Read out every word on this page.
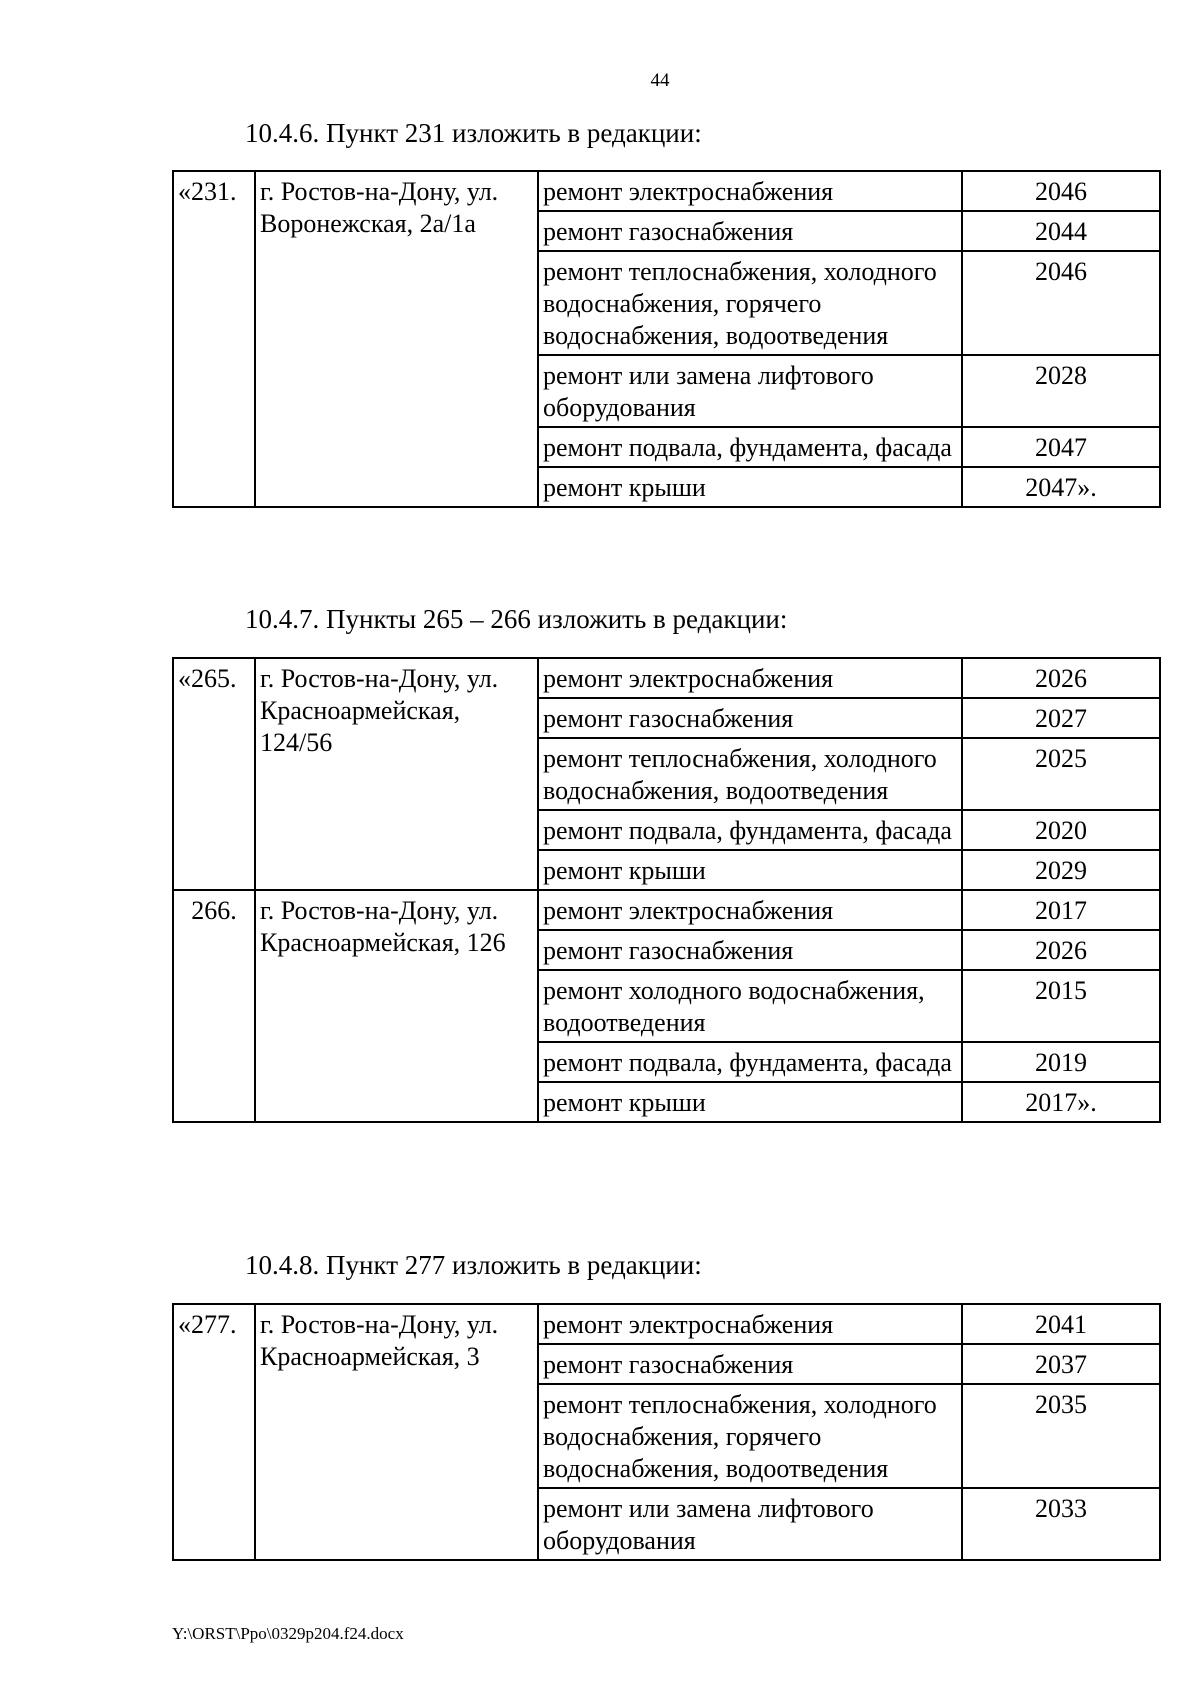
44
10.4.6. Пункт 231 изложить в редакции:
«231.	г. Ростов-на-Дону, ул. Воронежская, 2а/1а	ремонт электроснабжения	2046
		ремонт газоснабжения	2044
		ремонт теплоснабжения, холодного водоснабжения, горячего водоснабжения, водоотведения	2046
		ремонт или замена лифтового оборудования	2028
		ремонт подвала, фундамента, фасада	2047
		ремонт крыши	2047».
10.4.7. Пункты 265 – 266 изложить в редакции:
«265.	г. Ростов-на-Дону, ул. Красноармейская, 124/56	ремонт электроснабжения	2026
		ремонт газоснабжения	2027
		ремонт теплоснабжения, холодного водоснабжения, водоотведения	2025
		ремонт подвала, фундамента, фасада	2020
		ремонт крыши	2029
266.	г. Ростов-на-Дону, ул. Красноармейская, 126	ремонт электроснабжения	2017
		ремонт газоснабжения	2026
		ремонт холодного водоснабжения, водоотведения	2015
		ремонт подвала, фундамента, фасада	2019
		ремонт крыши	2017».
10.4.8. Пункт 277 изложить в редакции:
«277.	г. Ростов-на-Дону, ул. Красноармейская, 3	ремонт электроснабжения	2041
		ремонт газоснабжения	2037
		ремонт теплоснабжения, холодного водоснабжения, горячего водоснабжения, водоотведения	2035
		ремонт или замена лифтового оборудования	2033
Y:\ORST\Ppo\0329p204.f24.docx
